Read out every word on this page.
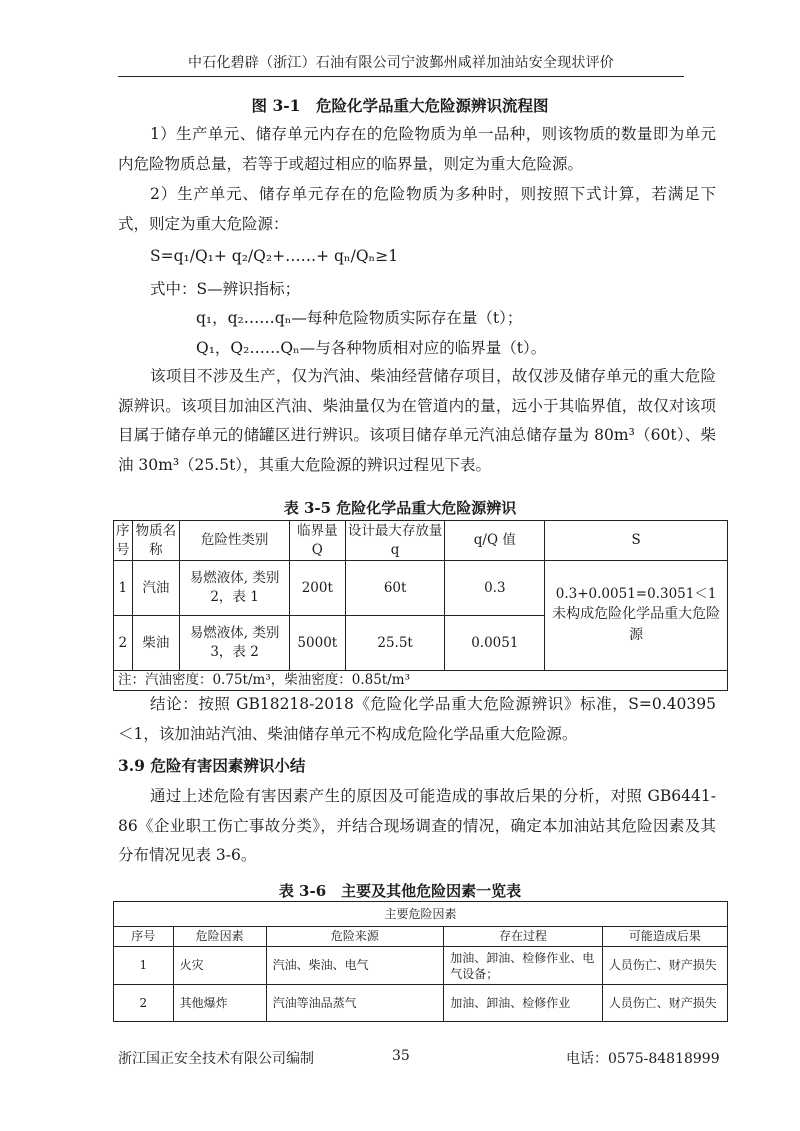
中石化碧辟（浙江）石油有限公司宁波鄞州咸祥加油站安全现状评价
图 3-1　危险化学品重大危险源辨识流程图

1）生产单元、储存单元内存在的危险物质为单一品种，则该物质的数量即为单元内危险物质总量，若等于或超过相应的临界量，则定为重大危险源。

2）生产单元、储存单元存在的危险物质为多种时，则按照下式计算，若满足下式，则定为重大危险源：

S=q₁/Q₁+ q₂/Q₂+……+ qₙ/Qₙ≥1
式中：S—辨识指标；
q₁，q₂……qₙ—每种危险物质实际存在量（t）；
Q₁，Q₂……Qₙ—与各种物质相对应的临界量（t）。

该项目不涉及生产，仅为汽油、柴油经营储存项目，故仅涉及储存单元的重大危险源辨识。该项目加油区汽油、柴油量仅为在管道内的量，远小于其临界值，故仅对该项目属于储存单元的储罐区进行辨识。该项目储存单元汽油总储存量为 80m³（60t）、柴油 30m³（25.5t），其重大危险源的辨识过程见下表。

表 3-5 危险化学品重大危险源辨识
序号	物质名称	危险性类别	临界量Q	设计最大存放量 q	q/Q 值	S
1	汽油	易燃液体, 类别 2，表 1	200t	60t	0.3	0.3+0.0051=0.3051＜1
未构成危险化学品重大危险源

2	柴油	易燃液体, 类别 3，表 2	5000t	25.5t	0.0051	
注：汽油密度：0.75t/m³，柴油密度：0.85t/m³						

结论：按照 GB18218-2018《危险化学品重大危险源辨识》标准，S=0.40395＜1，该加油站汽油、柴油储存单元不构成危险化学品重大危险源。

3.9 危险有害因素辨识小结

通过上述危险有害因素产生的原因及可能造成的事故后果的分析，对照 GB6441-86《企业职工伤亡事故分类》，并结合现场调查的情况，确定本加油站其危险因素及其分布情况见表 3-6。

表 3-6　主要及其他危险因素一览表
主要危险因素				
序号	危险因素	危险来源	存在过程	可能造成后果
1	火灾	汽油、柴油、电气	加油、卸油、检修作业、电气设备；	人员伤亡、财产损失
2	其他爆炸	汽油等油品蒸气	加油、卸油、检修作业	人员伤亡、财产损失
浙江国正安全技术有限公司编制	35	电话：0575-84818999
